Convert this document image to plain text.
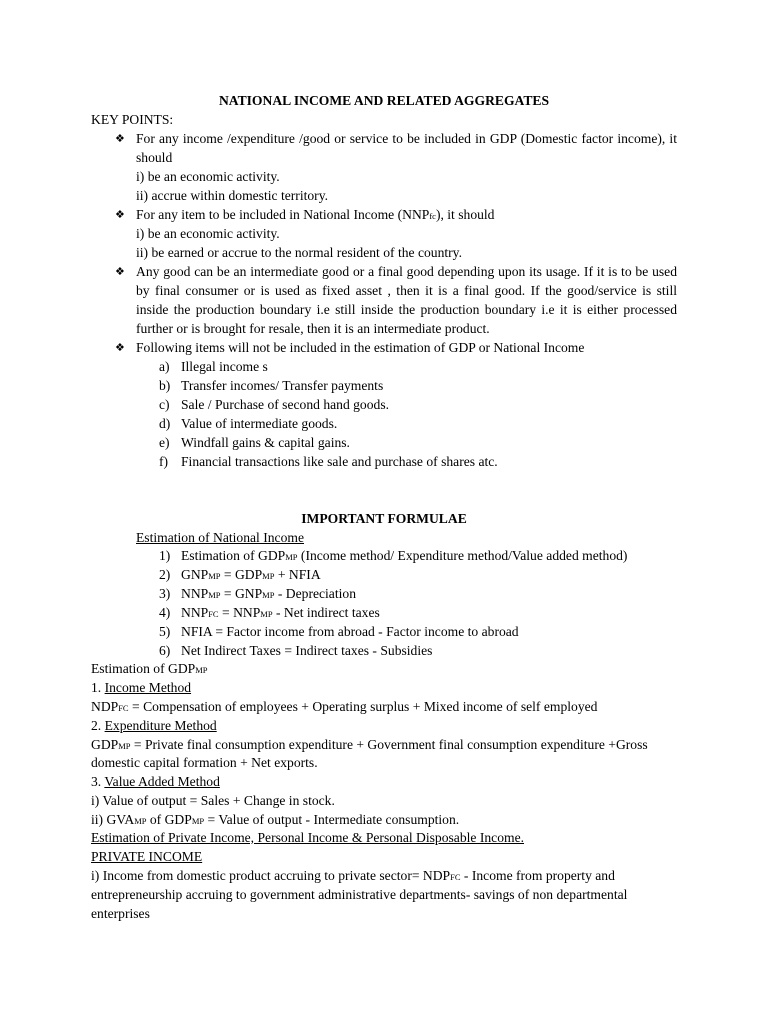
NATIONAL INCOME AND RELATED AGGREGATES
KEY POINTS:
❖ For any income /expenditure /good or service to be included in GDP (Domestic factor income), it
should
i) be an economic activity.
ii) accrue within domestic territory.
❖ For any item to be included in National Income (NNPfc), it should
i) be an economic activity.
ii) be earned or accrue to the normal resident of the country.
❖ Any good can be an intermediate good or a final good depending upon its usage. If it is to be used
by final consumer or is used as fixed asset , then it is a final good. If the good/service is still
inside the production boundary i.e still inside the production boundary i.e it is either processed
further or is brought for resale, then it is an intermediate product.
❖ Following items will not be included in the estimation of GDP or National Income
a) Illegal income s
b) Transfer incomes/ Transfer payments
c) Sale / Purchase of second hand goods.
d) Value of intermediate goods.
e) Windfall gains & capital gains.
f) Financial transactions like sale and purchase of shares atc.
IMPORTANT FORMULAE
Estimation of National Income
1) Estimation of GDPMP (Income method/ Expenditure method/Value added method)
2) GNPMP = GDPMP + NFIA
3) NNPMP = GNPMP - Depreciation
4) NNPFC = NNPMP - Net indirect taxes
5) NFIA = Factor income from abroad - Factor income to abroad
6) Net Indirect Taxes = Indirect taxes - Subsidies
Estimation of GDPMP
1. Income Method
NDPFC = Compensation of employees + Operating surplus + Mixed income of self employed
2. Expenditure Method
GDPMP = Private final consumption expenditure + Government final consumption expenditure +Gross
domestic capital formation + Net exports.
3. Value Added Method
i) Value of output = Sales + Change in stock.
ii) GVAMP of GDPMP = Value of output - Intermediate consumption.
Estimation of Private Income, Personal Income & Personal Disposable Income.
PRIVATE INCOME
i) Income from domestic product accruing to private sector= NDPFC - Income from property and
entrepreneurship accruing to government administrative departments- savings of non departmental
enterprises
